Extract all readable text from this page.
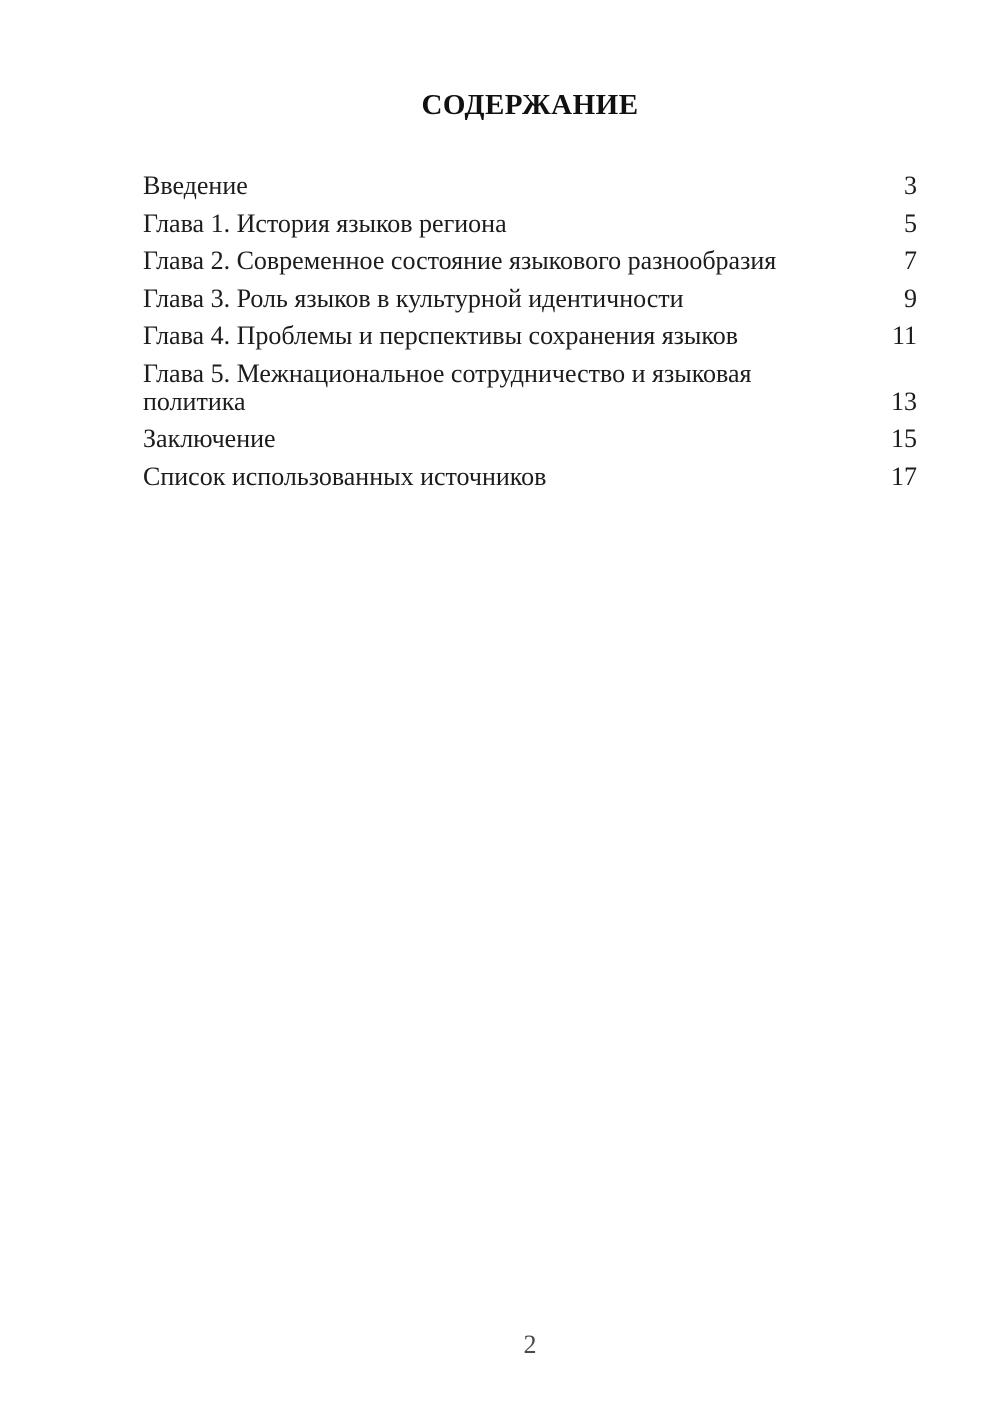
СОДЕРЖАНИЕ
Введение	3
Глава 1. История языков региона	5
Глава 2. Современное состояние языкового разнообразия	7
Глава 3. Роль языков в культурной идентичности	9
Глава 4. Проблемы и перспективы сохранения языков	11
Глава 5. Межнациональное сотрудничество и языковая политика	13
Заключение	15
Список использованных источников	17
2
